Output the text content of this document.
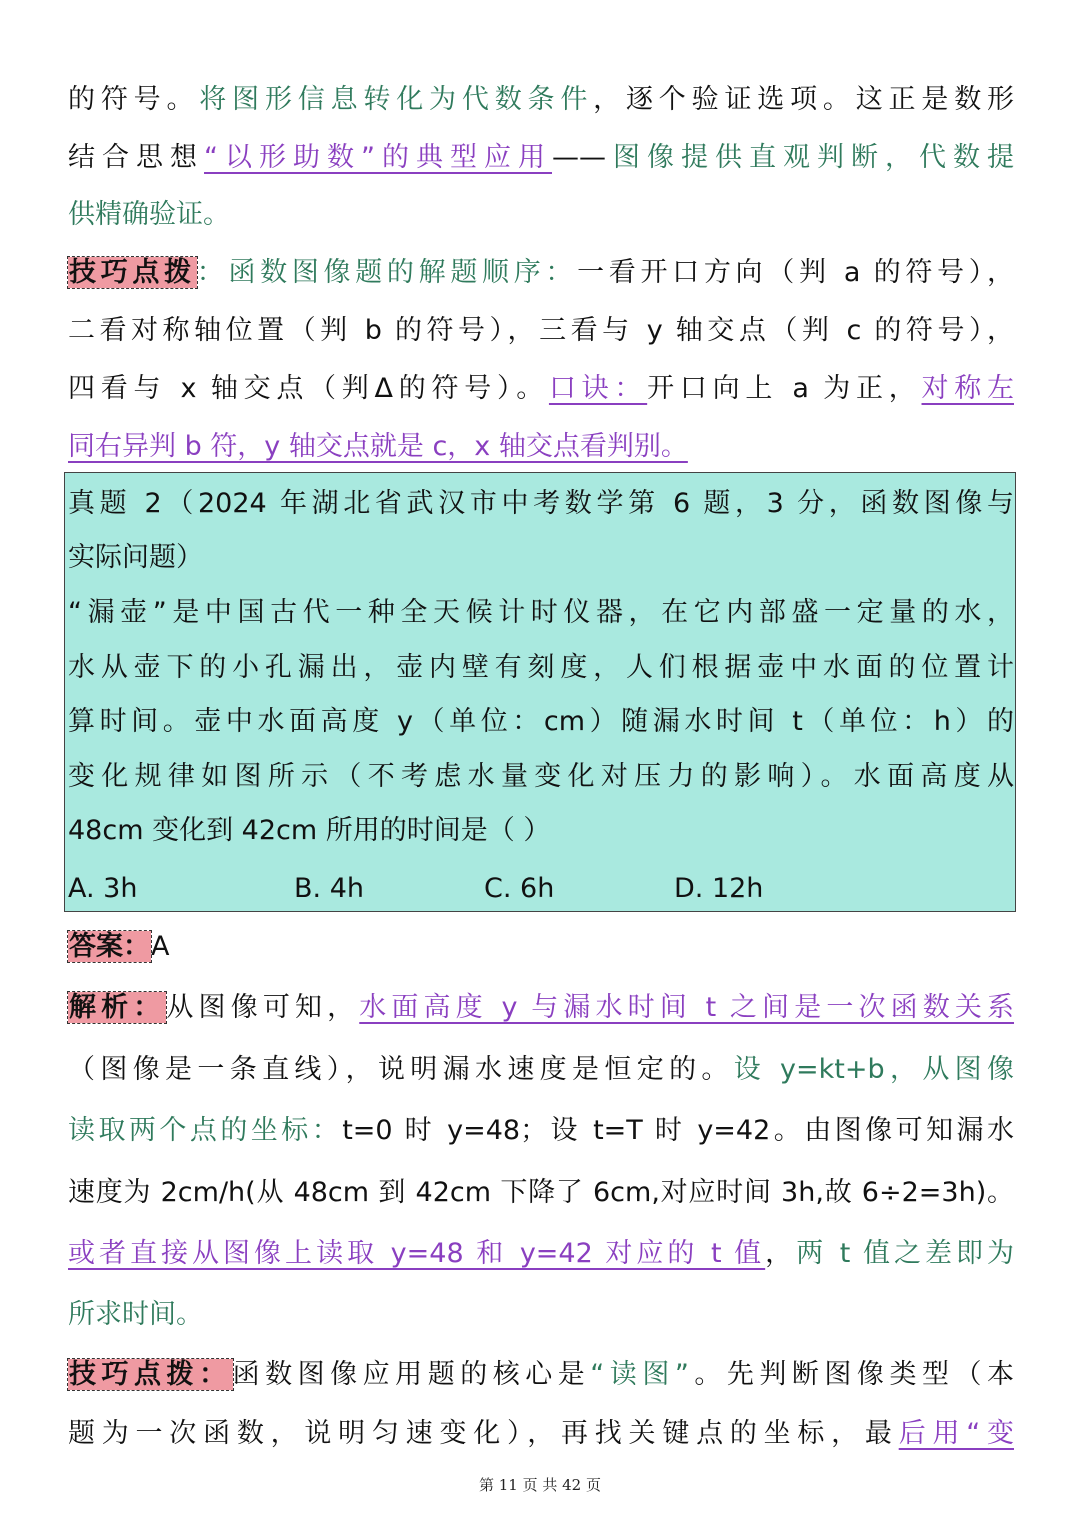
的符号。将图形信息转化为代数条件，逐个验证选项。这正是数形
结合思想“以形助数”的典型应用——图像提供直观判断，代数提
供精确验证。
技巧点拨：函数图像题的解题顺序：一看开口方向（判 a 的符号），
二看对称轴位置（判 b 的符号），三看与 y 轴交点（判 c 的符号），
四看与 x 轴交点（判Δ的符号）。口诀：开口向上 a 为正，对称左
同右异判 b 符，y 轴交点就是 c，x 轴交点看判别。
真题 2（2024 年湖北省武汉市中考数学第 6 题，3 分，函数图像与
实际问题）
“漏壶”是中国古代一种全天候计时仪器，在它内部盛一定量的水，
水从壶下的小孔漏出，壶内壁有刻度，人们根据壶中水面的位置计
算时间。壶中水面高度 y（单位：cm）随漏水时间 t（单位：h）的
变化规律如图所示（不考虑水量变化对压力的影响）。水面高度从
48cm 变化到 42cm 所用的时间是（ ）
答案：A
解析：从图像可知，水面高度 y 与漏水时间 t 之间是一次函数关系
（图像是一条直线），说明漏水速度是恒定的。设 y=kt+b，从图像
读取两个点的坐标：t=0 时 y=48；设 t=T 时 y=42。由图像可知漏水
速度为 2cm/h(从 48cm 到 42cm 下降了 6cm,对应时间 3h,故 6÷2=3h)。
或者直接从图像上读取 y=48 和 y=42 对应的 t 值，两 t 值之差即为
所求时间。
技巧点拨：函数图像应用题的核心是“读图”。先判断图像类型（本
题为一次函数，说明匀速变化），再找关键点的坐标，最后用“变
A. 3h	B. 4h	C. 6h	D. 12h
第 11 页 共 42 页
